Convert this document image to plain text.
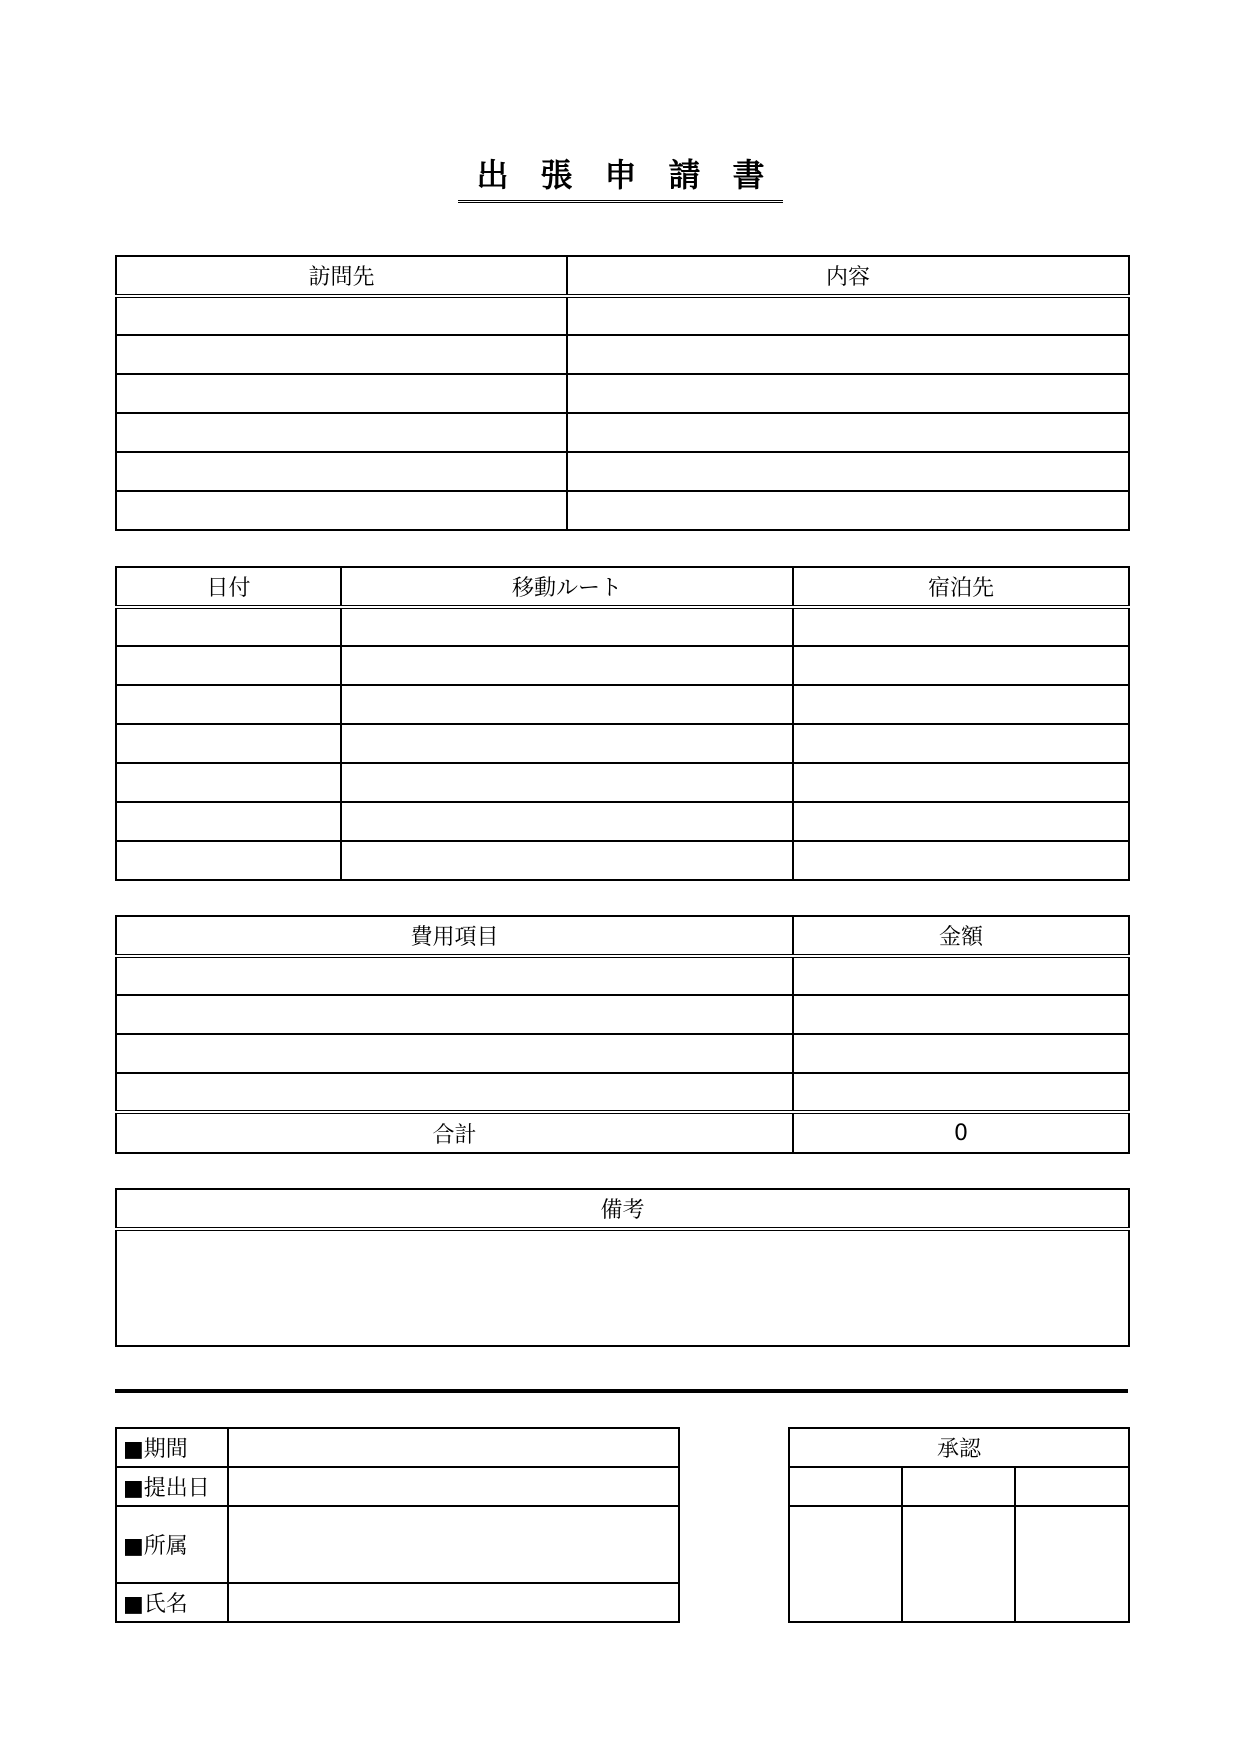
出 張 申 請 書
訪問先	内容

日付	移動ルート	宿泊先

費用項目	金額

合計	0
備考

■期間	
■提出日	
■所属	
■氏名	
承認		
